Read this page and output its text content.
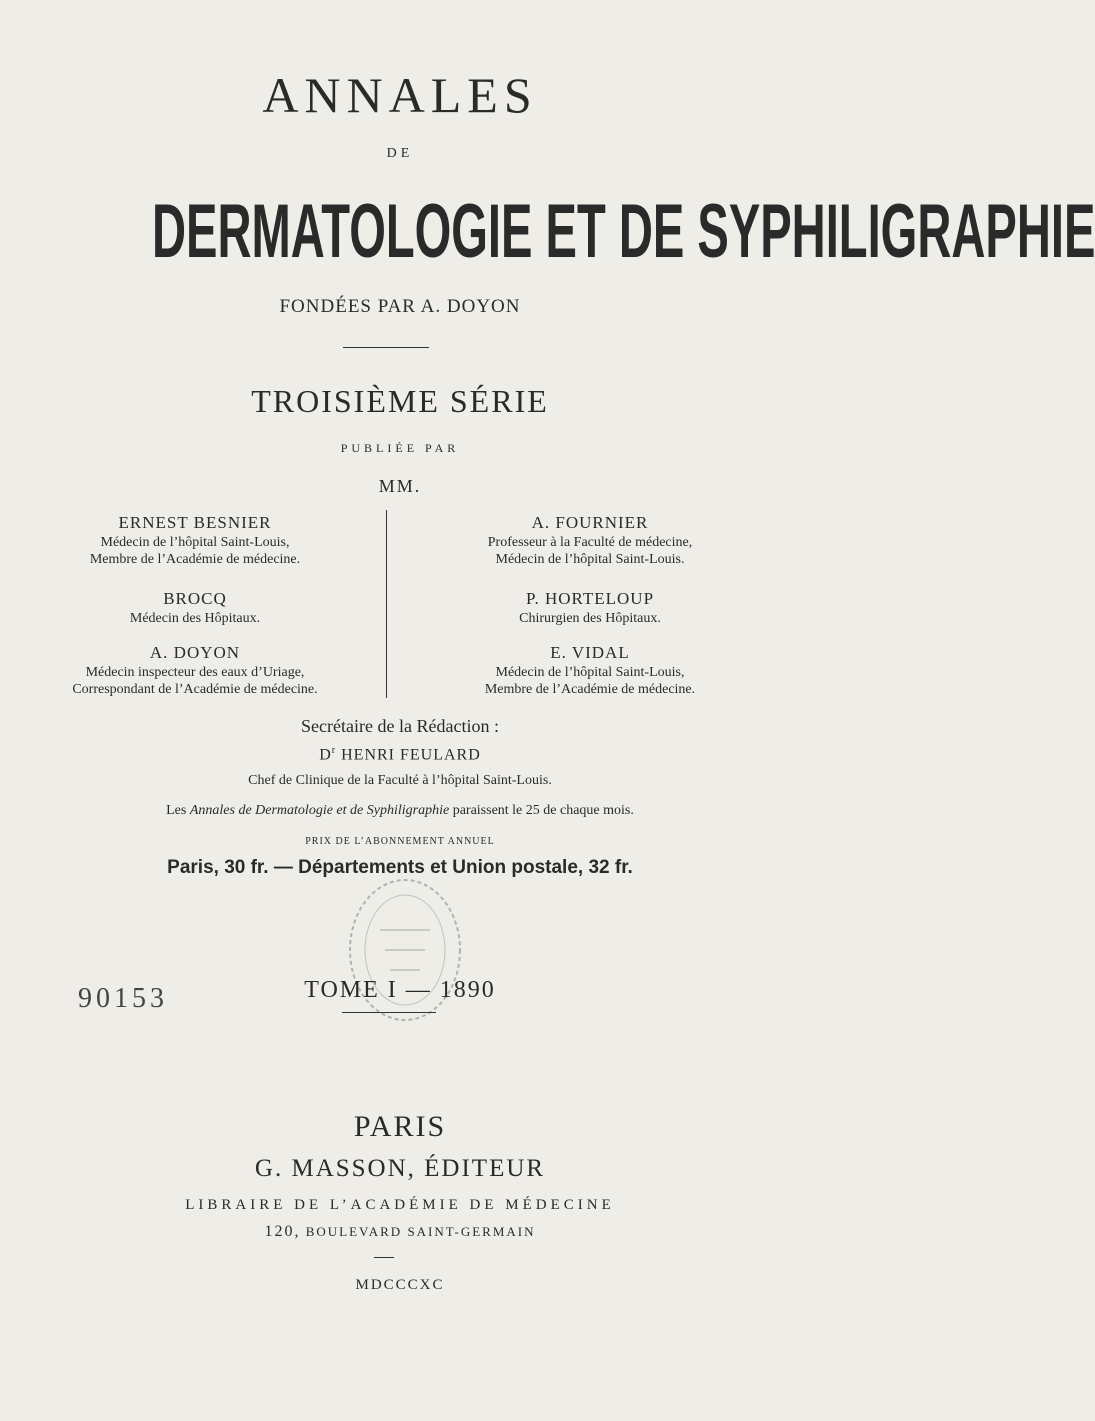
ANNALES
DE
DERMATOLOGIE ET DE SYPHILIGRAPHIE
FONDÉES PAR A. DOYON
TROISIÈME SÉRIE
PUBLIÉE PAR
MM.
ERNEST BESNIER
Médecin de l’hôpital Saint-Louis,
Membre de l’Académie de médecine.
BROCQ
Médecin des Hôpitaux.
A. DOYON
Médecin inspecteur des eaux d’Uriage,
Correspondant de l’Académie de médecine.
A. FOURNIER
Professeur à la Faculté de médecine,
Médecin de l’hôpital Saint-Louis.
P. HORTELOUP
Chirurgien des Hôpitaux.
E. VIDAL
Médecin de l’hôpital Saint-Louis,
Membre de l’Académie de médecine.
Secrétaire de la Rédaction :
$D^r$ HENRI FEULARD
Chef de Clinique de la Faculté à l’hôpital Saint-Louis.
Les Annales de Dermatologie et de Syphiligraphie paraissent le 25 de chaque mois.
PRIX DE L’ABONNEMENT ANNUEL
Paris, 30 fr. — Départements et Union postale, 32 fr.
90153	TOME I — 1890
PARIS
G. MASSON, ÉDITEUR
LIBRAIRE DE L’ACADÉMIE DE MÉDECINE
120, BOULEVARD SAINT-GERMAIN
MDCCCXC
